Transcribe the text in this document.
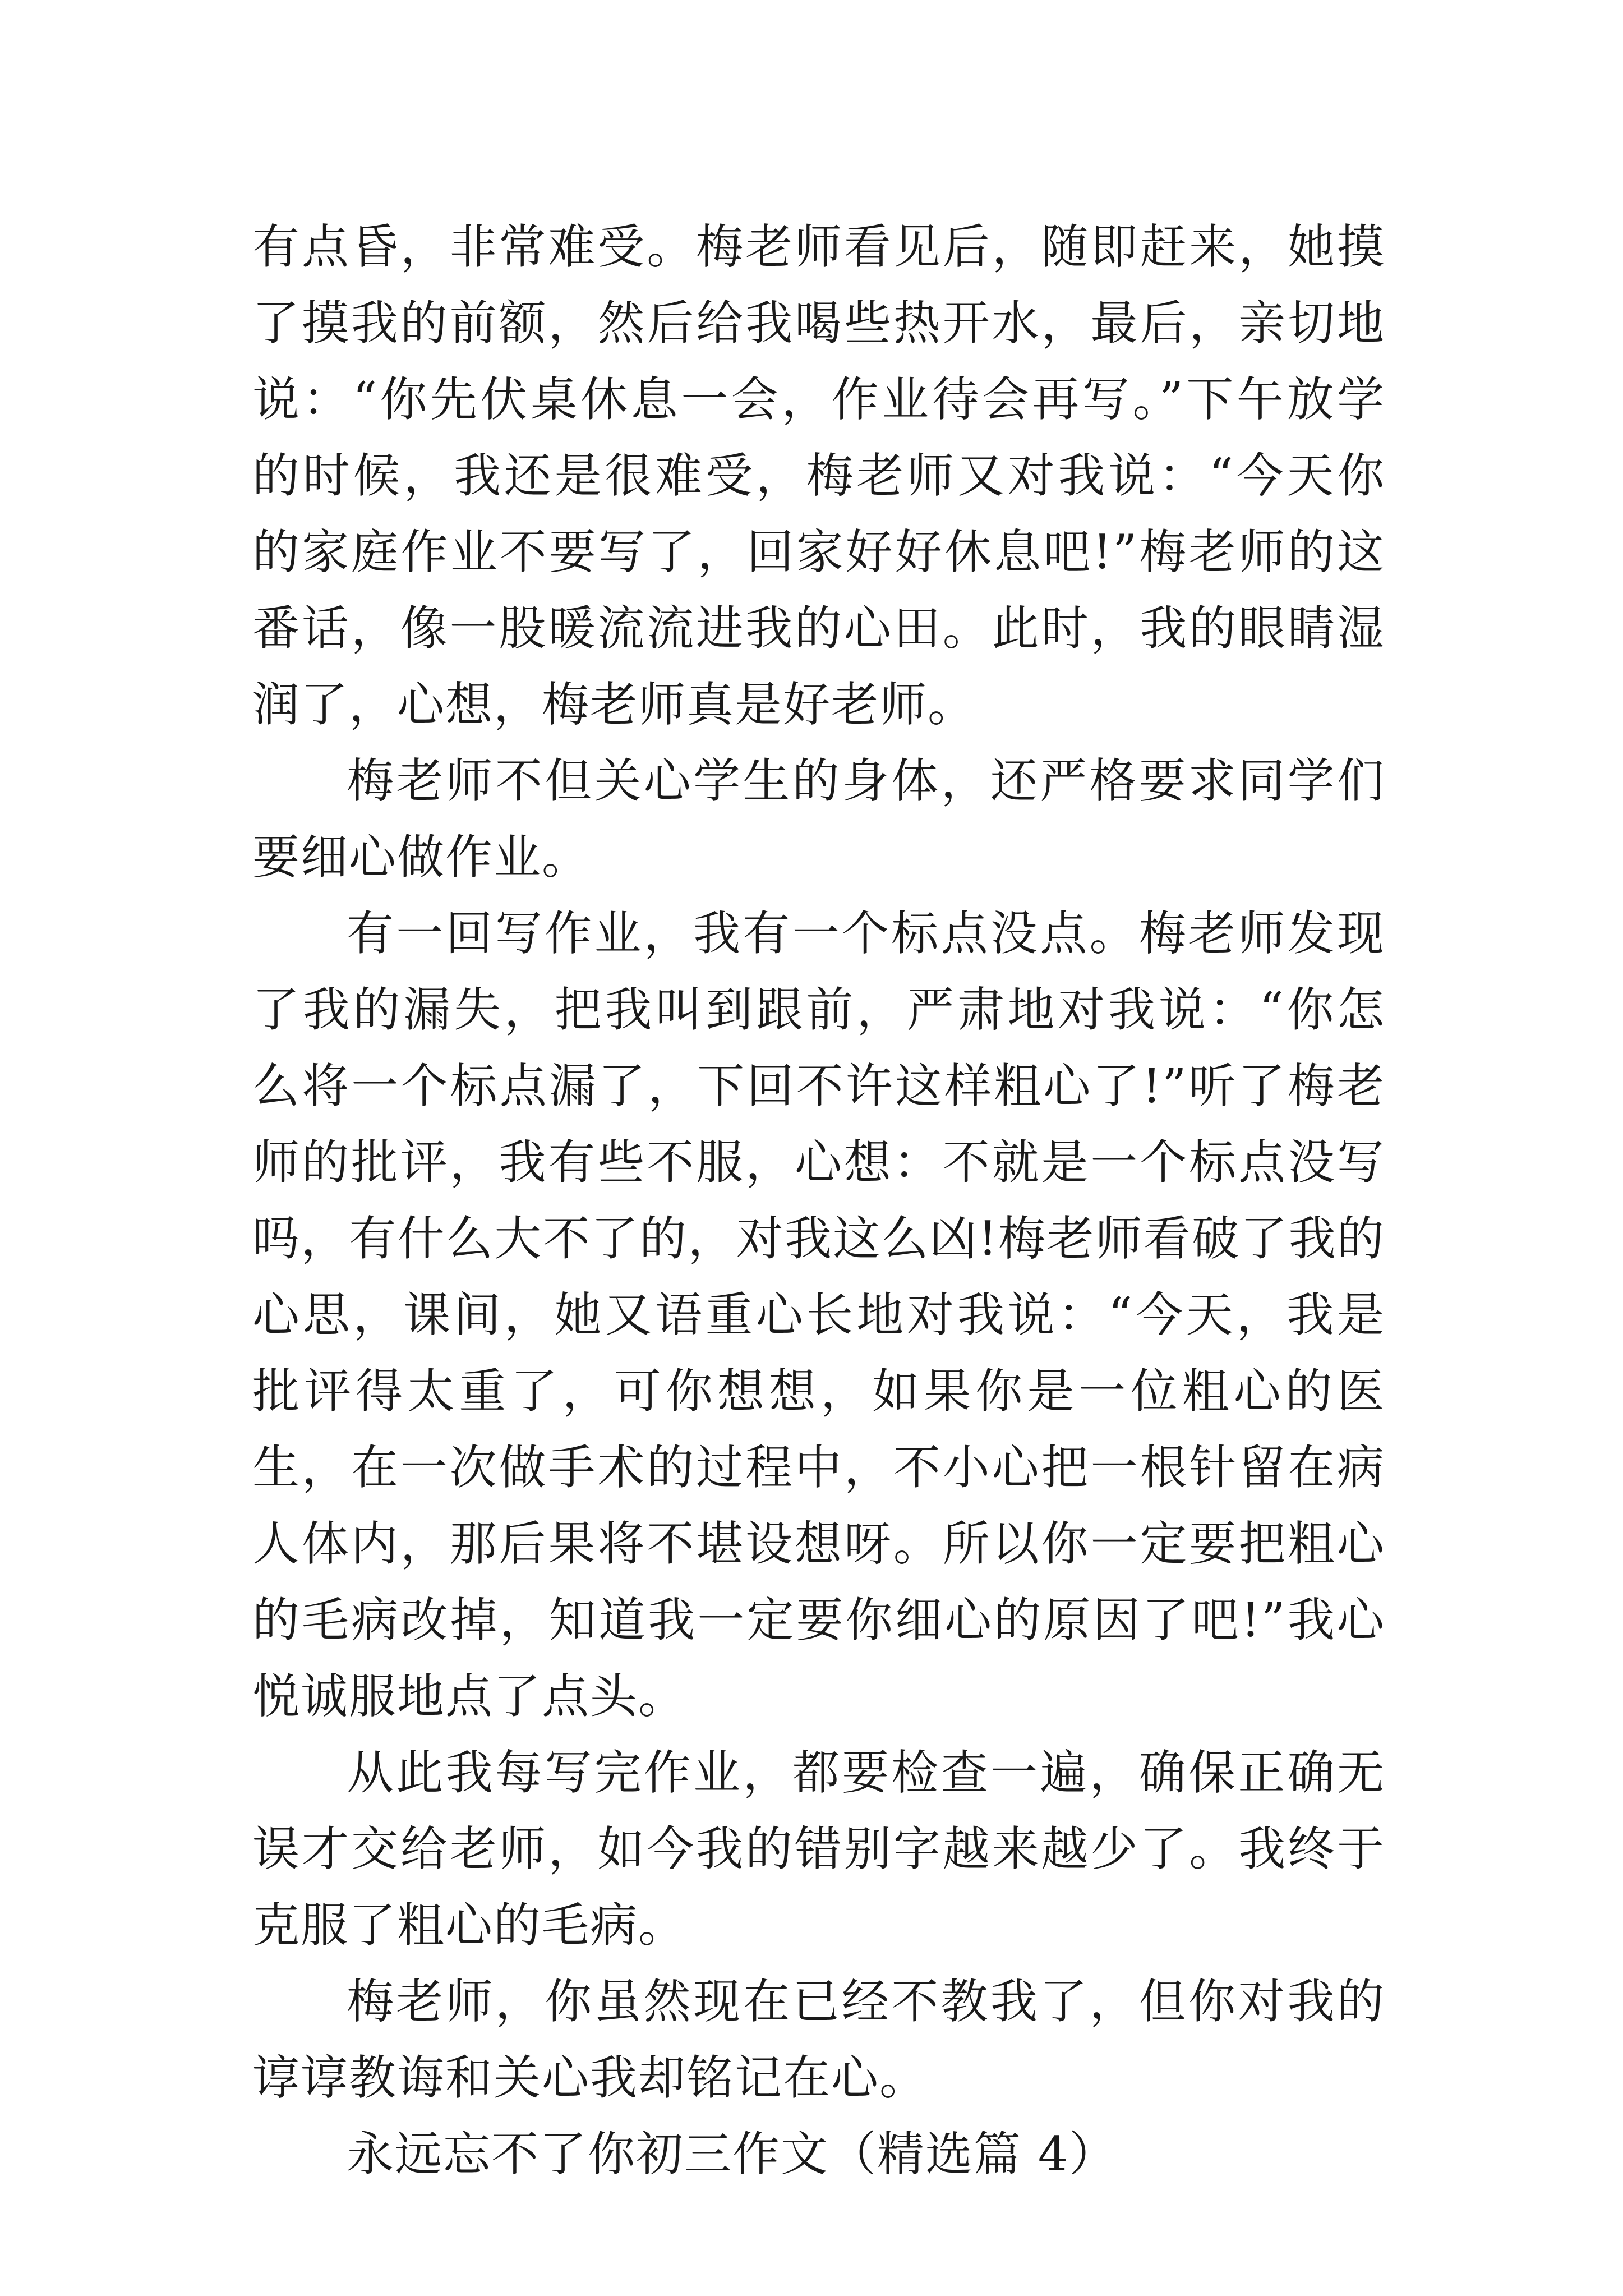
有点昏，非常难受。梅老师看见后，随即赶来，她摸了摸我的前额，然后给我喝些热开水，最后，亲切地说：“你先伏桌休息一会，作业待会再写。”下午放学的时候，我还是很难受，梅老师又对我说：“今天你的家庭作业不要写了，回家好好休息吧!”梅老师的这番话，像一股暖流流进我的心田。此时，我的眼睛湿润了，心想，梅老师真是好老师。

梅老师不但关心学生的身体，还严格要求同学们要细心做作业。

有一回写作业，我有一个标点没点。梅老师发现了我的漏失，把我叫到跟前，严肃地对我说：“你怎么将一个标点漏了，下回不许这样粗心了!”听了梅老师的批评，我有些不服，心想：不就是一个标点没写吗，有什么大不了的，对我这么凶!梅老师看破了我的心思，课间，她又语重心长地对我说：“今天，我是批评得太重了，可你想想，如果你是一位粗心的医生，在一次做手术的过程中，不小心把一根针留在病人体内，那后果将不堪设想呀。所以你一定要把粗心的毛病改掉，知道我一定要你细心的原因了吧!”我心悦诚服地点了点头。

从此我每写完作业，都要检查一遍，确保正确无误才交给老师，如今我的错别字越来越少了。我终于克服了粗心的毛病。

梅老师，你虽然现在已经不教我了，但你对我的谆谆教诲和关心我却铭记在心。

永远忘不了你初三作文（精选篇 4）
